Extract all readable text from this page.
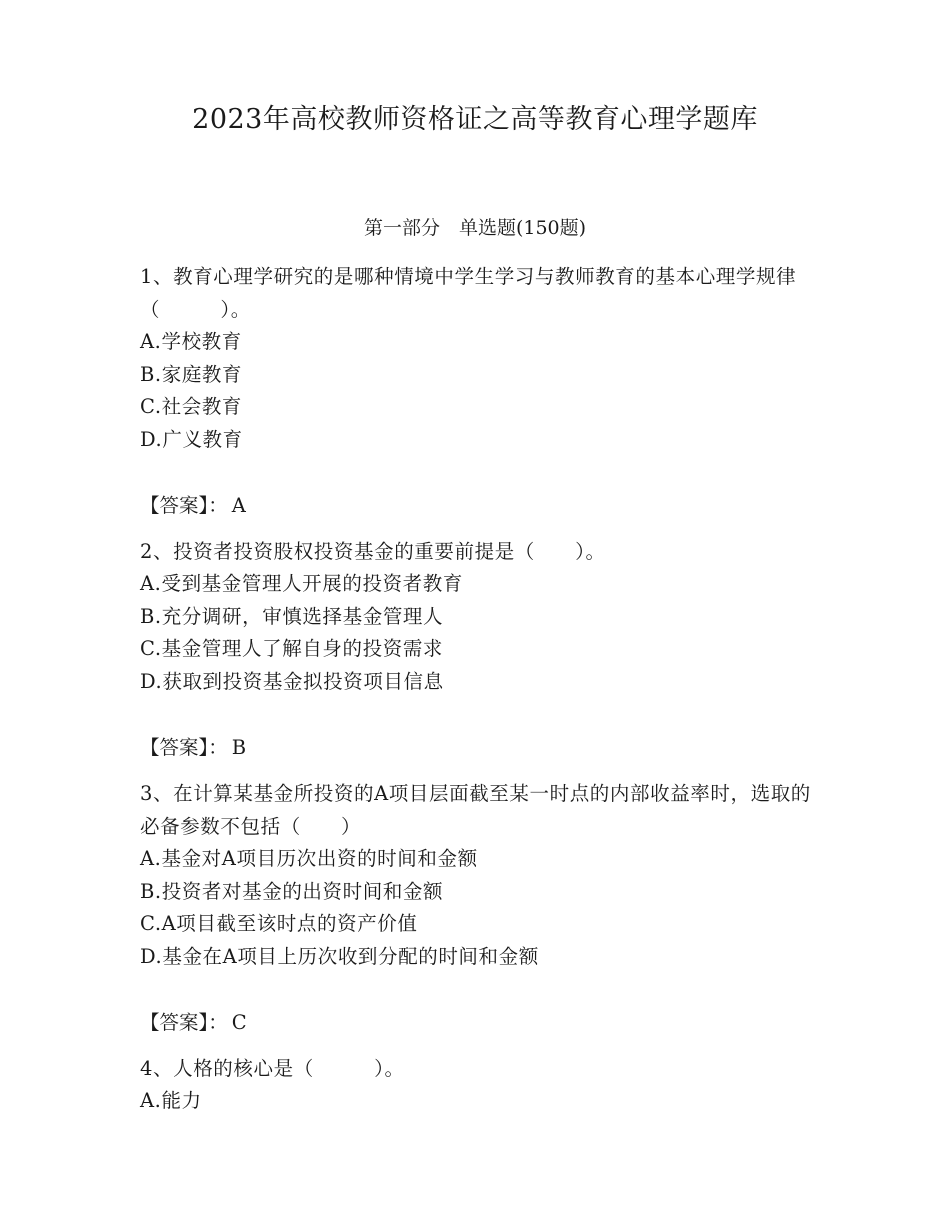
2023年高校教师资格证之高等教育心理学题库
第一部分　单选题(150题)
1、教育心理学研究的是哪种情境中学生学习与教师教育的基本心理学规律（　　　）。
A.学校教育
B.家庭教育
C.社会教育
D.广义教育
【答案】： A
2、投资者投资股权投资基金的重要前提是（　　）。
A.受到基金管理人开展的投资者教育
B.充分调研，审慎选择基金管理人
C.基金管理人了解自身的投资需求
D.获取到投资基金拟投资项目信息
【答案】： B
3、在计算某基金所投资的A项目层面截至某一时点的内部收益率时，选取的必备参数不包括（　　）
A.基金对A项目历次出资的时间和金额
B.投资者对基金的出资时间和金额
C.A项目截至该时点的资产价值
D.基金在A项目上历次收到分配的时间和金额
【答案】： C
4、人格的核心是（　　　）。
A.能力
